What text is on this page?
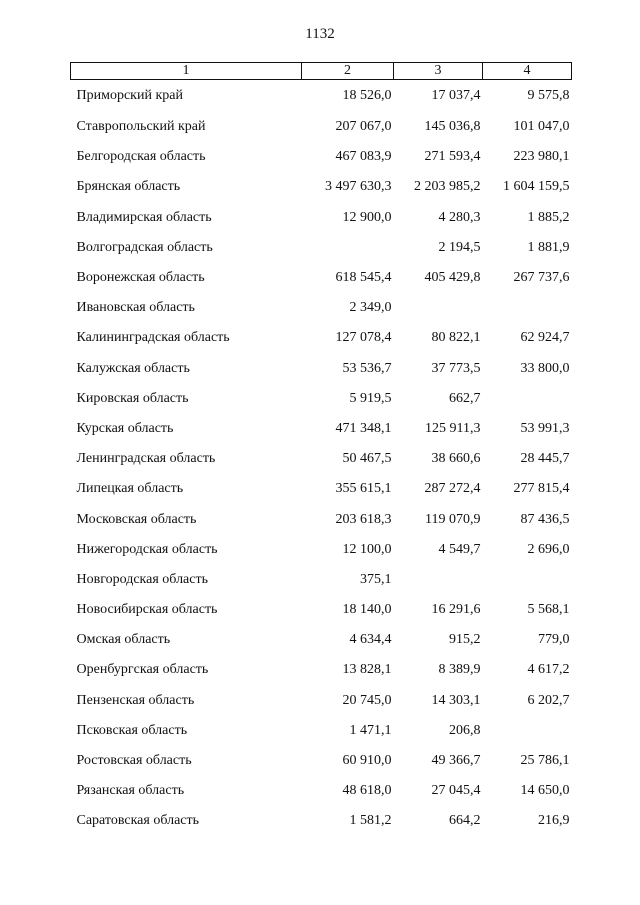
1132
1	2	3	4
Приморский край	18 526,0	17 037,4	9 575,8
Ставропольский край	207 067,0	145 036,8	101 047,0
Белгородская область	467 083,9	271 593,4	223 980,1
Брянская область	3 497 630,3	2 203 985,2	1 604 159,5
Владимирская область	12 900,0	4 280,3	1 885,2
Волгоградская область		2 194,5	1 881,9
Воронежская область	618 545,4	405 429,8	267 737,6
Ивановская область	2 349,0		
Калининградская область	127 078,4	80 822,1	62 924,7
Калужская область	53 536,7	37 773,5	33 800,0
Кировская область	5 919,5	662,7	
Курская область	471 348,1	125 911,3	53 991,3
Ленинградская область	50 467,5	38 660,6	28 445,7
Липецкая область	355 615,1	287 272,4	277 815,4
Московская область	203 618,3	119 070,9	87 436,5
Нижегородская область	12 100,0	4 549,7	2 696,0
Новгородская область	375,1		
Новосибирская область	18 140,0	16 291,6	5 568,1
Омская область	4 634,4	915,2	779,0
Оренбургская область	13 828,1	8 389,9	4 617,2
Пензенская область	20 745,0	14 303,1	6 202,7
Псковская область	1 471,1	206,8	
Ростовская область	60 910,0	49 366,7	25 786,1
Рязанская область	48 618,0	27 045,4	14 650,0
Саратовская область	1 581,2	664,2	216,9
